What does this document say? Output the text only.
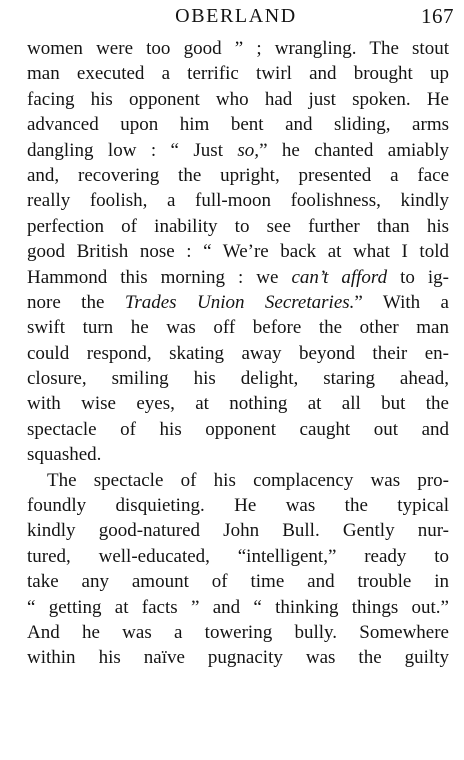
OBERLAND	167
women were too good ” ; wrangling. The stout
man executed a terrific twirl and brought up
facing his opponent who had just spoken. He
advanced upon him bent and sliding, arms
dangling low : “ Just so,” he chanted amiably
and, recovering the upright, presented a face
really foolish, a full-moon foolishness, kindly
perfection of inability to see further than his
good British nose : “ We’re back at what I told
Hammond this morning : we can’t afford to ig-
nore the Trades Union Secretaries.” With a
swift turn he was off before the other man
could respond, skating away beyond their en-
closure, smiling his delight, staring ahead,
with wise eyes, at nothing at all but the
spectacle of his opponent caught out and
squashed.
The spectacle of his complacency was pro-
foundly disquieting. He was the typical
kindly good-natured John Bull. Gently nur-
tured, well-educated, “intelligent,” ready to
take any amount of time and trouble in
“ getting at facts ” and “ thinking things out.”
And he was a towering bully. Somewhere
within his naïve pugnacity was the guilty
